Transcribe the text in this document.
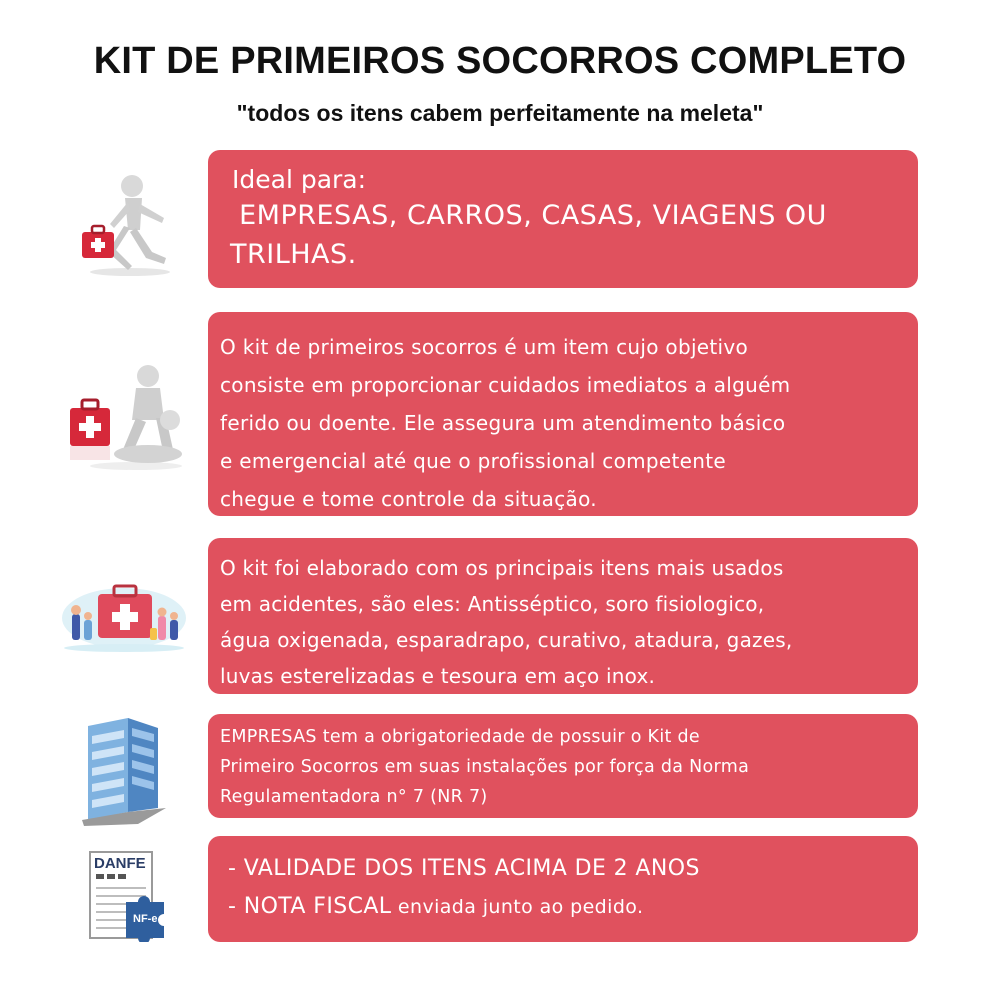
KIT DE PRIMEIROS SOCORROS COMPLETO
"todos os itens cabem perfeitamente na meleta"
Ideal para:
EMPRESAS, CARROS, CASAS, VIAGENS OU
TRILHAS.
O kit de primeiros socorros é um item cujo objetivo
consiste em proporcionar cuidados imediatos a alguém
ferido ou doente. Ele assegura um atendimento básico
e emergencial até que o profissional competente
chegue e tome controle da situação.
O kit foi elaborado com os principais itens mais usados
em acidentes, são eles: Antisséptico, soro fisiologico,
água oxigenada, esparadrapo, curativo, atadura, gazes,
luvas esterelizadas e tesoura em aço inox.
EMPRESAS tem a obrigatoriedade de possuir o Kit de
Primeiro Socorros em suas instalações por força da Norma
Regulamentadora n° 7 (NR 7)
DANFE
NF-e
- VALIDADE DOS ITENS ACIMA DE 2 ANOS
- NOTA FISCAL enviada junto ao pedido.
